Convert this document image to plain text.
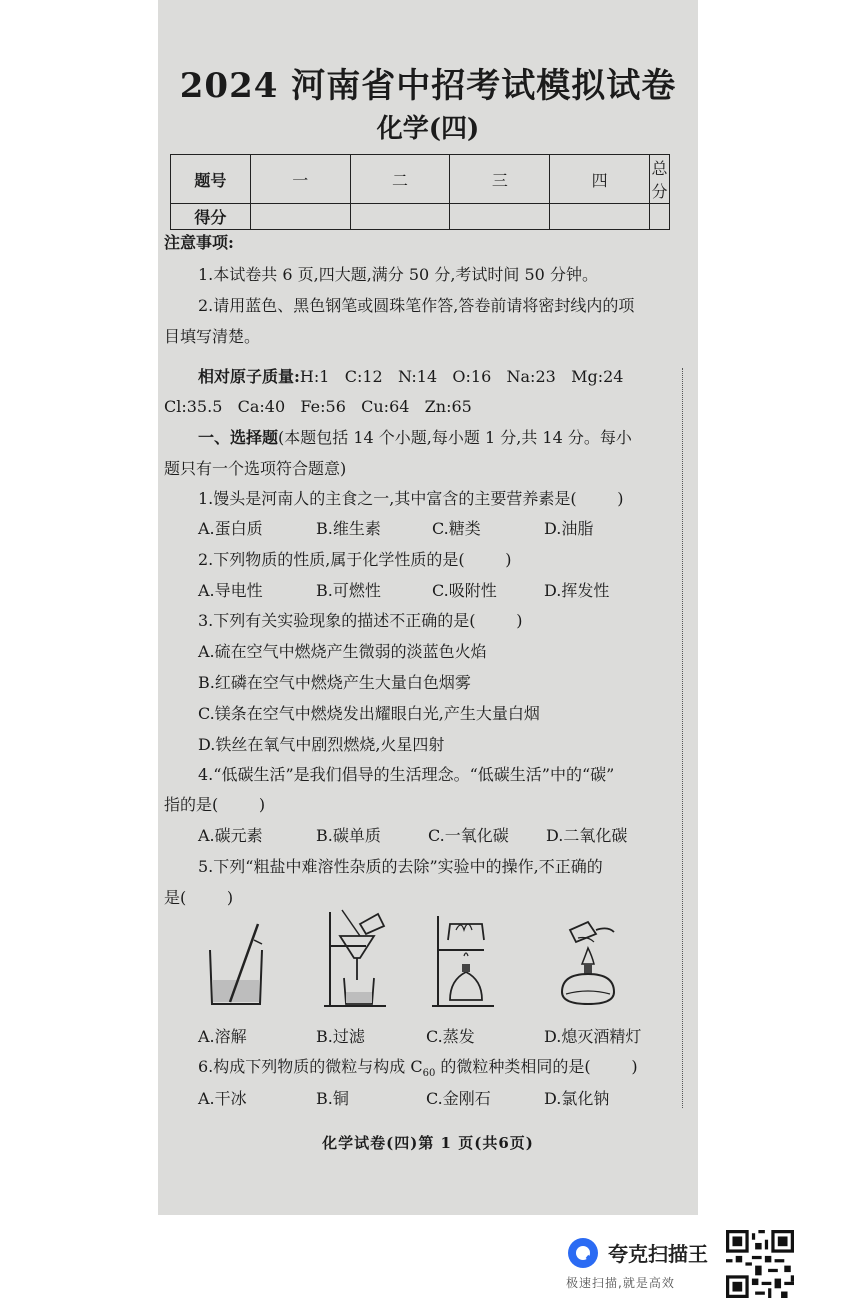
2024 河南省中招考试模拟试卷
化学(四)
题号	一	二	三	四	总分
得分					
注意事项:
1.本试卷共 6 页,四大题,满分 50 分,考试时间 50 分钟。
2.请用蓝色、黑色钢笔或圆珠笔作答,答卷前请将密封线内的项
目填写清楚。
相对原子质量:H:1   C:12   N:14   O:16   Na:23   Mg:24
Cl:35.5   Ca:40   Fe:56   Cu:64   Zn:65
一、选择题(本题包括 14 个小题,每小题 1 分,共 14 分。每小
题只有一个选项符合题意)
1.馒头是河南人的主食之一,其中富含的主要营养素是(        )
A.蛋白质	B.维生素	C.糖类	D.油脂
2.下列物质的性质,属于化学性质的是(        )
A.导电性	B.可燃性	C.吸附性	D.挥发性
3.下列有关实验现象的描述不正确的是(        )
A.硫在空气中燃烧产生微弱的淡蓝色火焰
B.红磷在空气中燃烧产生大量白色烟雾
C.镁条在空气中燃烧发出耀眼白光,产生大量白烟
D.铁丝在氧气中剧烈燃烧,火星四射
4.“低碳生活”是我们倡导的生活理念。“低碳生活”中的“碳”
指的是(        )
A.碳元素	B.碳单质	C.一氧化碳 D.二氧化碳
5.下列“粗盐中难溶性杂质的去除”实验中的操作,不正确的
是(        )
A.溶解	B.过滤	C.蒸发	D.熄灭酒精灯
6.构成下列物质的微粒与构成 $C_{60}$ 的微粒种类相同的是(        )
A.干冰	B.铜	C.金刚石	D.氯化钠
化学试卷(四)第 1 页(共6页)
夸克扫描王
极速扫描,就是高效
